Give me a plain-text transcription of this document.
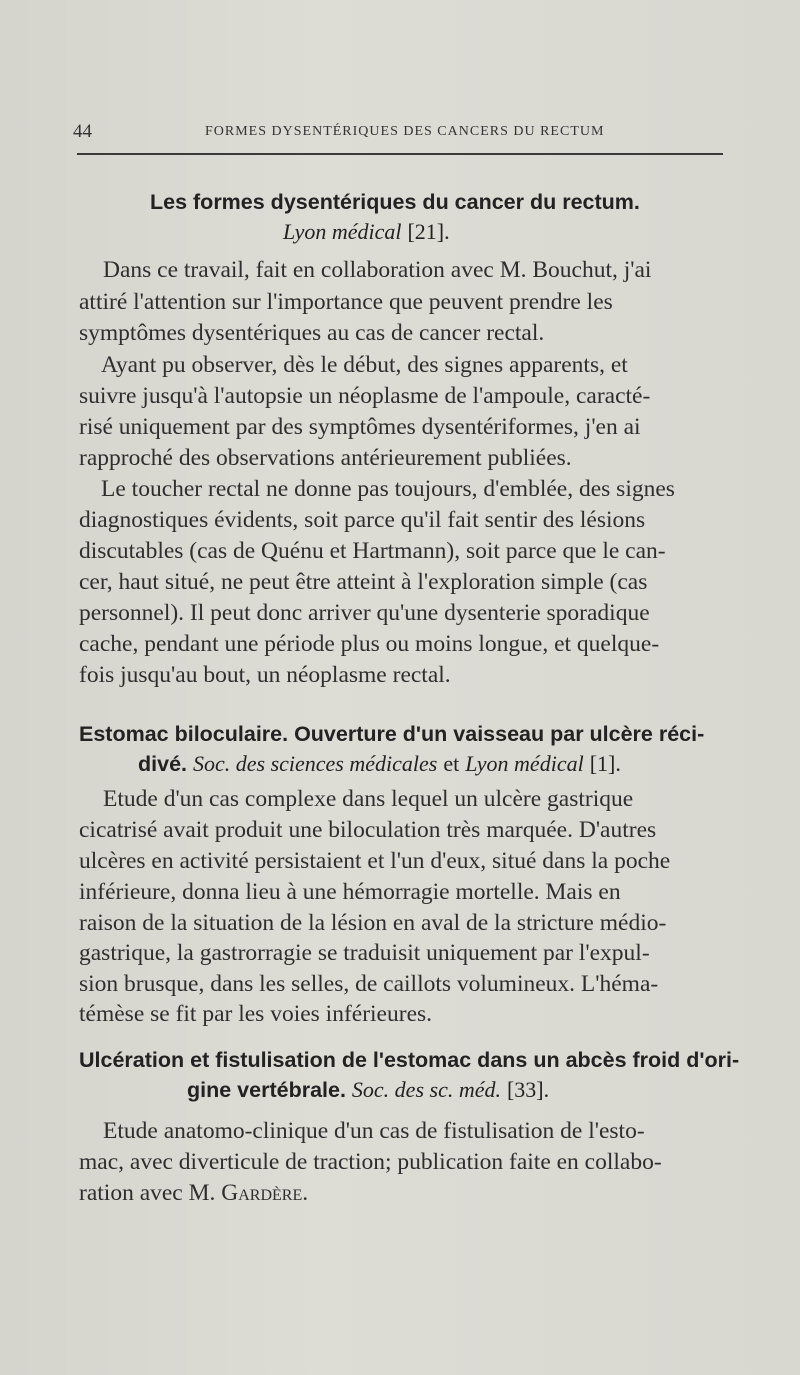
44	FORMES DYSENTÉRIQUES DES CANCERS DU RECTUM
Les formes dysentériques du cancer du rectum.
Lyon médical [21].
Dans ce travail, fait en collaboration avec M. Bouchut, j'ai
attiré l'attention sur l'importance que peuvent prendre les
symptômes dysentériques au cas de cancer rectal.
Ayant pu observer, dès le début, des signes apparents, et
suivre jusqu'à l'autopsie un néoplasme de l'ampoule, caracté-
risé uniquement par des symptômes dysentériformes, j'en ai
rapproché des observations antérieurement publiées.
Le toucher rectal ne donne pas toujours, d'emblée, des signes
diagnostiques évidents, soit parce qu'il fait sentir des lésions
discutables (cas de Quénu et Hartmann), soit parce que le can-
cer, haut situé, ne peut être atteint à l'exploration simple (cas
personnel). Il peut donc arriver qu'une dysenterie sporadique
cache, pendant une période plus ou moins longue, et quelque-
fois jusqu'au bout, un néoplasme rectal.
Estomac biloculaire. Ouverture d'un vaisseau par ulcère réci-
divé. Soc. des sciences médicales et Lyon médical [1].
Etude d'un cas complexe dans lequel un ulcère gastrique
cicatrisé avait produit une biloculation très marquée. D'autres
ulcères en activité persistaient et l'un d'eux, situé dans la poche
inférieure, donna lieu à une hémorragie mortelle. Mais en
raison de la situation de la lésion en aval de la stricture médio-
gastrique, la gastrorragie se traduisit uniquement par l'expul-
sion brusque, dans les selles, de caillots volumineux. L'héma-
témèse se fit par les voies inférieures.
Ulcération et fistulisation de l'estomac dans un abcès froid d'ori-
gine vertébrale. Soc. des sc. méd. [33].
Etude anatomo-clinique d'un cas de fistulisation de l'esto-
mac, avec diverticule de traction; publication faite en collabo-
ration avec M. Gardère.
